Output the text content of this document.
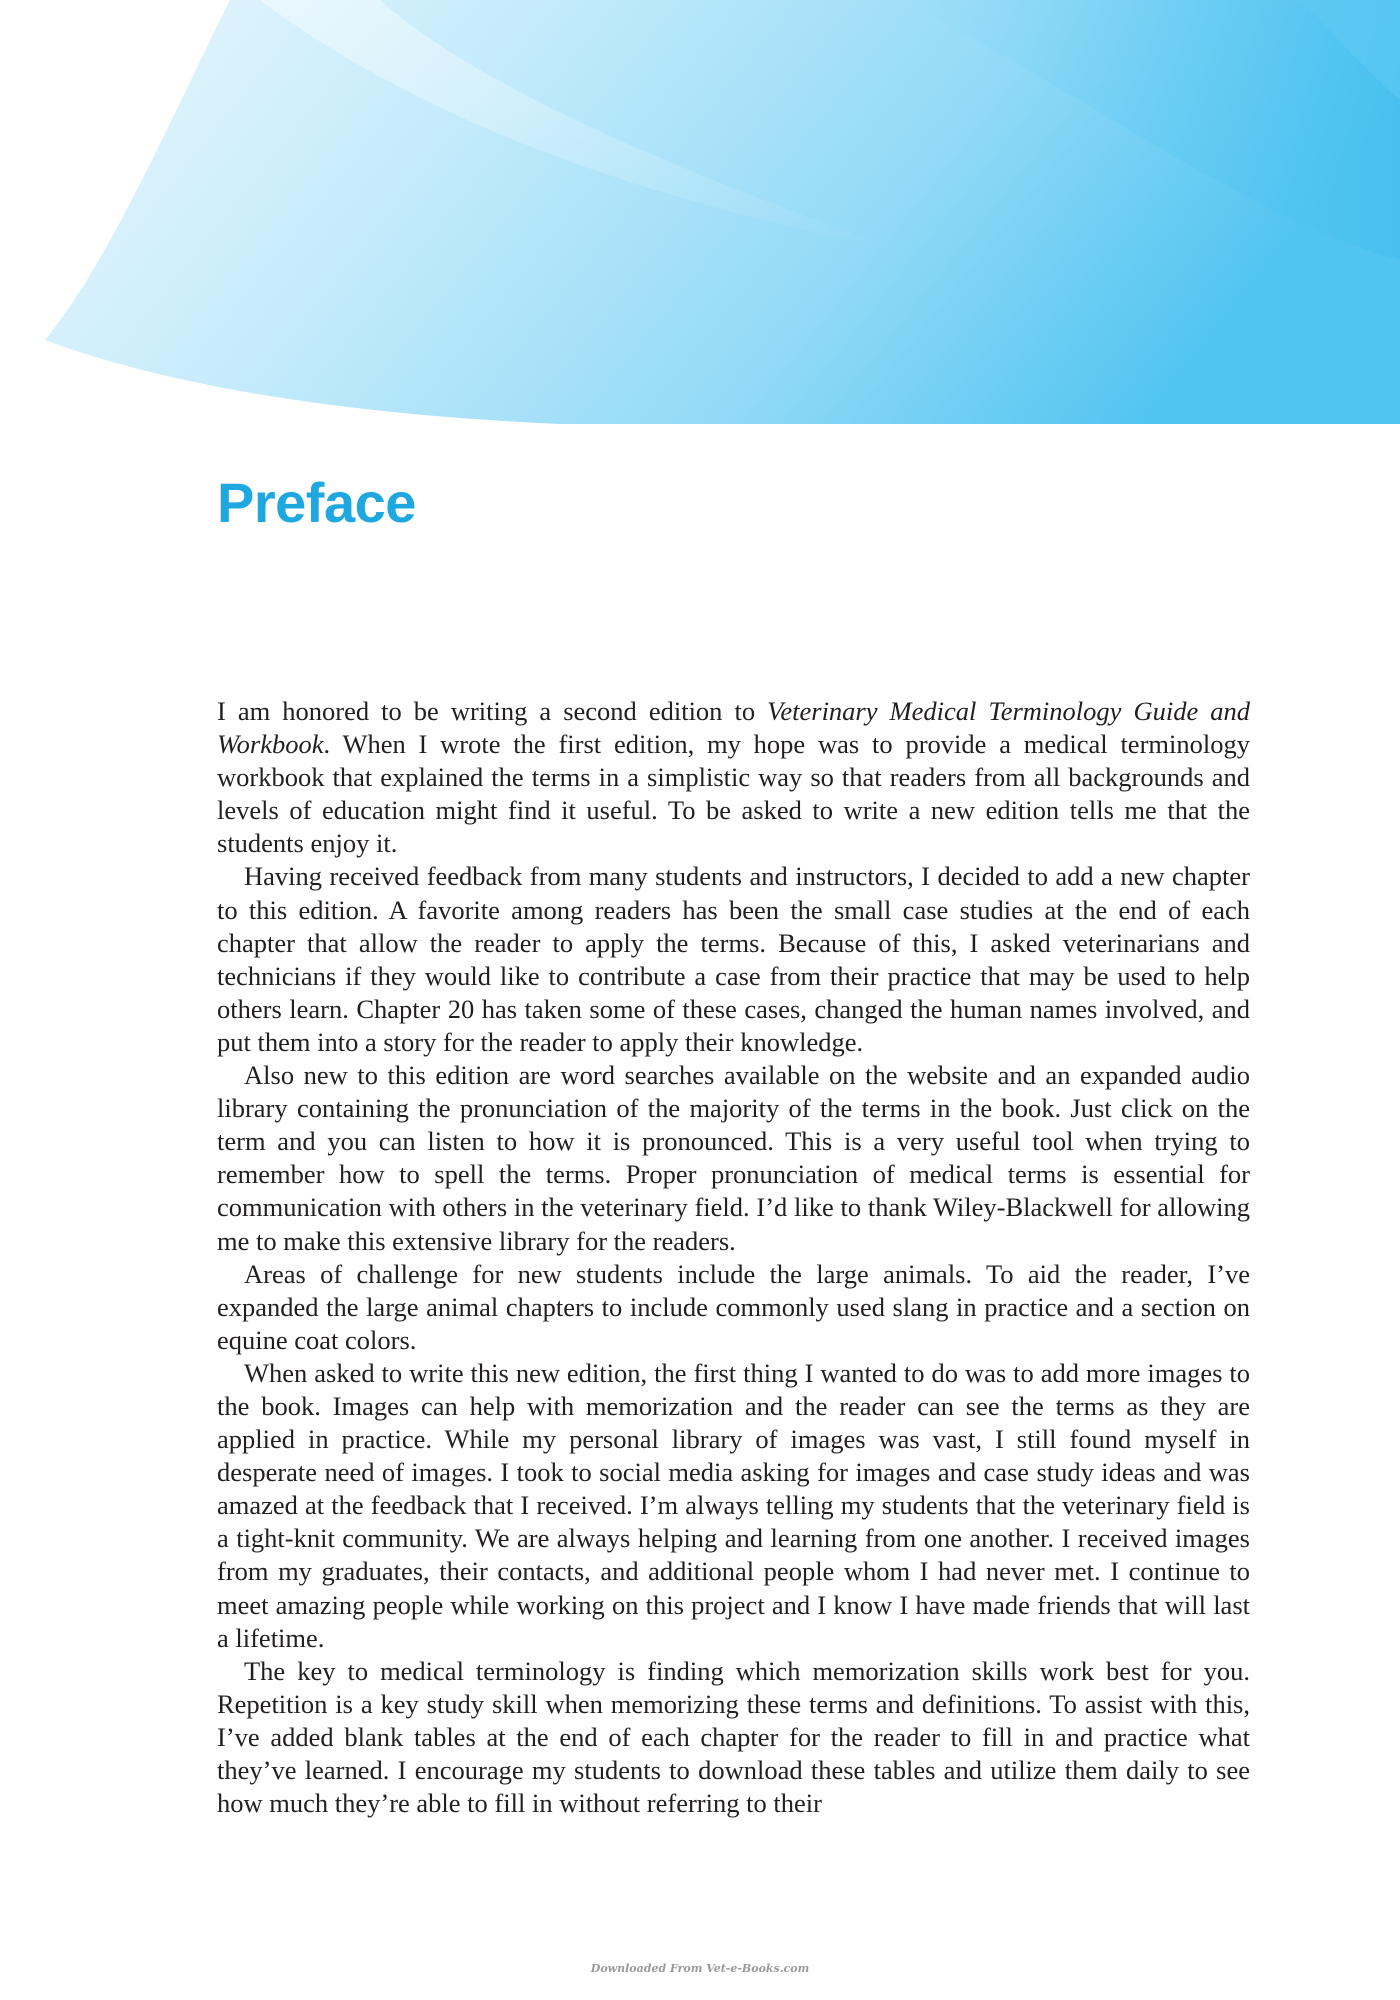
Preface

I am honored to be writing a second edition to Veterinary Medical Terminology Guide and Workbook. When I wrote the first edition, my hope was to provide a medical terminology workbook that explained the terms in a simplistic way so that readers from all backgrounds and levels of education might find it useful. To be asked to write a new edition tells me that the students enjoy it.

Having received feedback from many students and instructors, I decided to add a new chapter to this edition. A favorite among readers has been the small case studies at the end of each chapter that allow the reader to apply the terms. Because of this, I asked veterinarians and technicians if they would like to contribute a case from their practice that may be used to help others learn. Chapter 20 has taken some of these cases, changed the human names involved, and put them into a story for the reader to apply their knowledge.

Also new to this edition are word searches available on the website and an expanded audio library containing the pronunciation of the majority of the terms in the book. Just click on the term and you can listen to how it is pronounced. This is a very useful tool when trying to remember how to spell the terms. Proper pronunciation of medical terms is essential for communication with others in the veterinary field. I’d like to thank Wiley-Blackwell for allowing me to make this extensive library for the readers.

Areas of challenge for new students include the large animals. To aid the reader, I’ve expanded the large animal chapters to include commonly used slang in practice and a section on equine coat colors.

When asked to write this new edition, the first thing I wanted to do was to add more images to the book. Images can help with memorization and the reader can see the terms as they are applied in practice. While my personal library of images was vast, I still found myself in desperate need of images. I took to social media asking for images and case study ideas and was amazed at the feedback that I received. I’m always telling my students that the veterinary field is a tight-knit community. We are always helping and learning from one another. I received images from my graduates, their contacts, and additional people whom I had never met. I continue to meet amazing people while working on this project and I know I have made friends that will last a lifetime.

The key to medical terminology is finding which memorization skills work best for you. Repetition is a key study skill when memorizing these terms and definitions. To assist with this, I’ve added blank tables at the end of each chapter for the reader to fill in and practice what they’ve learned. I encourage my students to download these tables and utilize them daily to see how much they’re able to fill in without referring to their

Downloaded From Vet-e-Books.com
